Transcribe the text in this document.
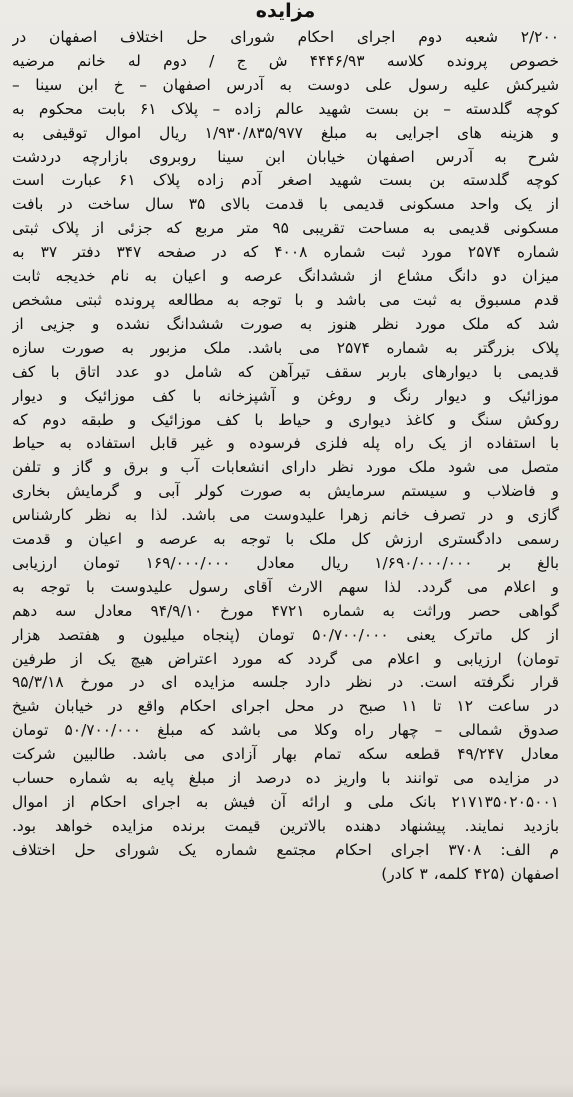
مزایده
۲/۲۰۰ شعبه دوم اجرای احکام شورای حل اختلاف اصفهان در
خصوص پرونده کلاسه ۴۴۴۶/۹۳ ش ج / دوم له خانم مرضیه
شیرکش علیه رسول علی دوست به آدرس اصفهان – خ ابن سینا –
کوچه گلدسته – بن بست شهید عالم زاده – پلاک ۶۱ بابت محکوم به
و هزینه های اجرایی به مبلغ ۱/۹۳۰/۸۳۵/۹۷۷ ریال اموال توقیفی به
شرح به آدرس اصفهان خیابان ابن سینا روبروی بازارچه دردشت
کوچه گلدسته بن بست شهید اصغر آدم زاده پلاک ۶۱ عبارت است
از یک واحد مسکونی قدیمی با قدمت بالای ۳۵ سال ساخت در بافت
مسکونی قدیمی به مساحت تقریبی ۹۵ متر مربع که جزئی از پلاک ثبتی
شماره ۲۵۷۴ مورد ثبت شماره ۴۰۰۸ که در صفحه ۳۴۷ دفتر ۳۷ به
میزان دو دانگ مشاع از ششدانگ عرصه و اعیان به نام خدیجه ثابت
قدم مسبوق به ثبت می باشد و با توجه به مطالعه پرونده ثبتی مشخص
شد که ملک مورد نظر هنوز به صورت ششدانگ نشده و جزیی از
پلاک بزرگتر به شماره ۲۵۷۴ می باشد. ملک مزبور به صورت سازه
قدیمی با دیوارهای باربر سقف تیرآهن که شامل دو عدد اتاق با کف
موزائیک و دیوار رنگ و روغن و آشپزخانه با کف موزائیک و دیوار
روکش سنگ و کاغذ دیواری و حیاط با کف موزائیک و طبقه دوم که
با استفاده از یک راه پله فلزی فرسوده و غیر قابل استفاده به حیاط
متصل می شود ملک مورد نظر دارای انشعابات آب و برق و گاز و تلفن
و فاضلاب و سیستم سرمایش به صورت کولر آبی و گرمایش بخاری
گازی و در تصرف خانم زهرا علیدوست می باشد. لذا به نظر کارشناس
رسمی دادگستری ارزش کل ملک با توجه به عرصه و اعیان و قدمت
بالغ بر ۱/۶۹۰/۰۰۰/۰۰۰ ریال معادل ۱۶۹/۰۰۰/۰۰۰ تومان ارزیابی
و اعلام می گردد. لذا سهم الارث آقای رسول علیدوست با توجه به
گواهی حصر وراثت به شماره ۴۷۲۱ مورخ ۹۴/۹/۱۰ معادل سه دهم
از کل ماترک یعنی ۵۰/۷۰۰/۰۰۰ تومان (پنجاه میلیون و هفتصد هزار
تومان) ارزیابی و اعلام می گردد که مورد اعتراض هیچ یک از طرفین
قرار نگرفته است. در نظر دارد جلسه مزایده ای در مورخ ۹۵/۳/۱۸
در ساعت ۱۲ تا ۱۱ صبح در محل اجرای احکام واقع در خیابان شیخ
صدوق شمالی – چهار راه وکلا می باشد که مبلغ ۵۰/۷۰۰/۰۰۰ تومان
معادل ۴۹/۲۴۷ قطعه سکه تمام بهار آزادی می باشد. طالبین شرکت
در مزایده می توانند با واریز ده درصد از مبلغ پایه به شماره حساب
۲۱۷۱۳۵۰۲۰۵۰۰۱ بانک ملی و ارائه آن فیش به اجرای احکام از اموال
بازدید نمایند. پیشنهاد دهنده بالاترین قیمت برنده مزایده خواهد بود.
م الف: ۳۷۰۸ اجرای احکام مجتمع شماره یک شورای حل اختلاف
اصفهان (۴۲۵ کلمه، ۳ کادر)
